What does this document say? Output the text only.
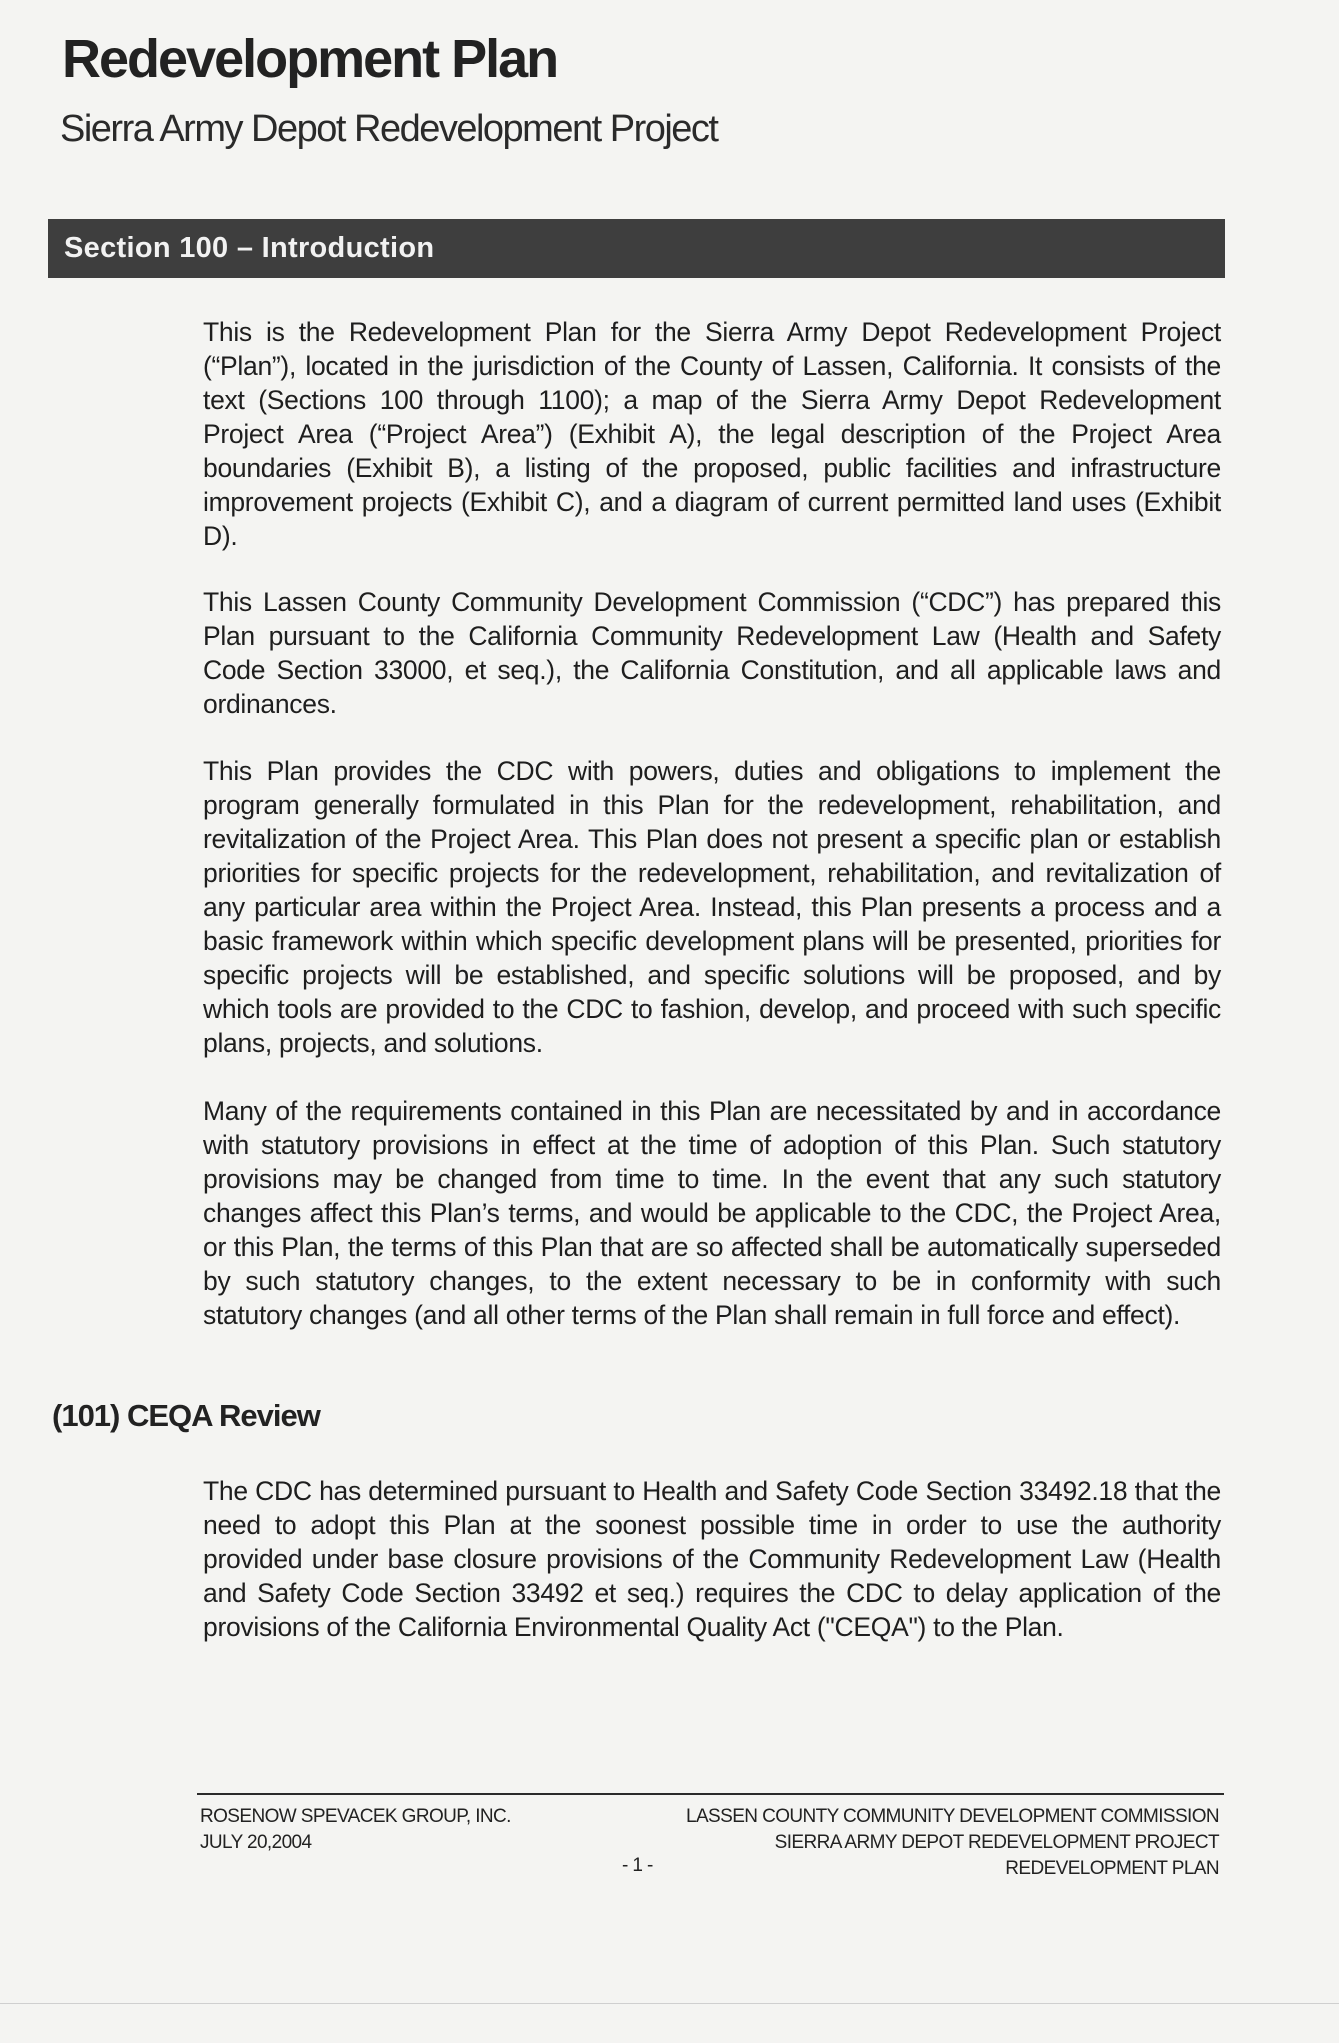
Redevelopment Plan
Sierra Army Depot Redevelopment Project
Section 100 – Introduction

This is the Redevelopment Plan for the Sierra Army Depot Redevelopment Project (“Plan”), located in the jurisdiction of the County of Lassen, California. It consists of the text (Sections 100 through 1100); a map of the Sierra Army Depot Redevelopment Project Area (“Project Area”) (Exhibit A), the legal description of the Project Area boundaries (Exhibit B), a listing of the proposed, public facilities and infrastructure improvement projects (Exhibit C), and a diagram of current permitted land uses (Exhibit D).

This Lassen County Community Development Commission (“CDC”) has prepared this Plan pursuant to the California Community Redevelopment Law (Health and Safety Code Section 33000, et seq.), the California Constitution, and all applicable laws and ordinances.

This Plan provides the CDC with powers, duties and obligations to implement the program generally formulated in this Plan for the redevelopment, rehabilitation, and revitalization of the Project Area. This Plan does not present a specific plan or establish priorities for specific projects for the redevelopment, rehabilitation, and revitalization of any particular area within the Project Area. Instead, this Plan presents a process and a basic framework within which specific development plans will be presented, priorities for specific projects will be established, and specific solutions will be proposed, and by which tools are provided to the CDC to fashion, develop, and proceed with such specific plans, projects, and solutions.

Many of the requirements contained in this Plan are necessitated by and in accordance with statutory provisions in effect at the time of adoption of this Plan. Such statutory provisions may be changed from time to time. In the event that any such statutory changes affect this Plan’s terms, and would be applicable to the CDC, the Project Area, or this Plan, the terms of this Plan that are so affected shall be automatically superseded by such statutory changes, to the extent necessary to be in conformity with such statutory changes (and all other terms of the Plan shall remain in full force and effect).

(101) CEQA Review

The CDC has determined pursuant to Health and Safety Code Section 33492.18 that the need to adopt this Plan at the soonest possible time in order to use the authority provided under base closure provisions of the Community Redevelopment Law (Health and Safety Code Section 33492 et seq.) requires the CDC to delay application of the provisions of the California Environmental Quality Act ("CEQA") to the Plan.

ROSENOW SPEVACEK GROUP, INC.
JULY 20,2004
- 1 -
LASSEN COUNTY COMMUNITY DEVELOPMENT COMMISSION
SIERRA ARMY DEPOT REDEVELOPMENT PROJECT
REDEVELOPMENT PLAN
